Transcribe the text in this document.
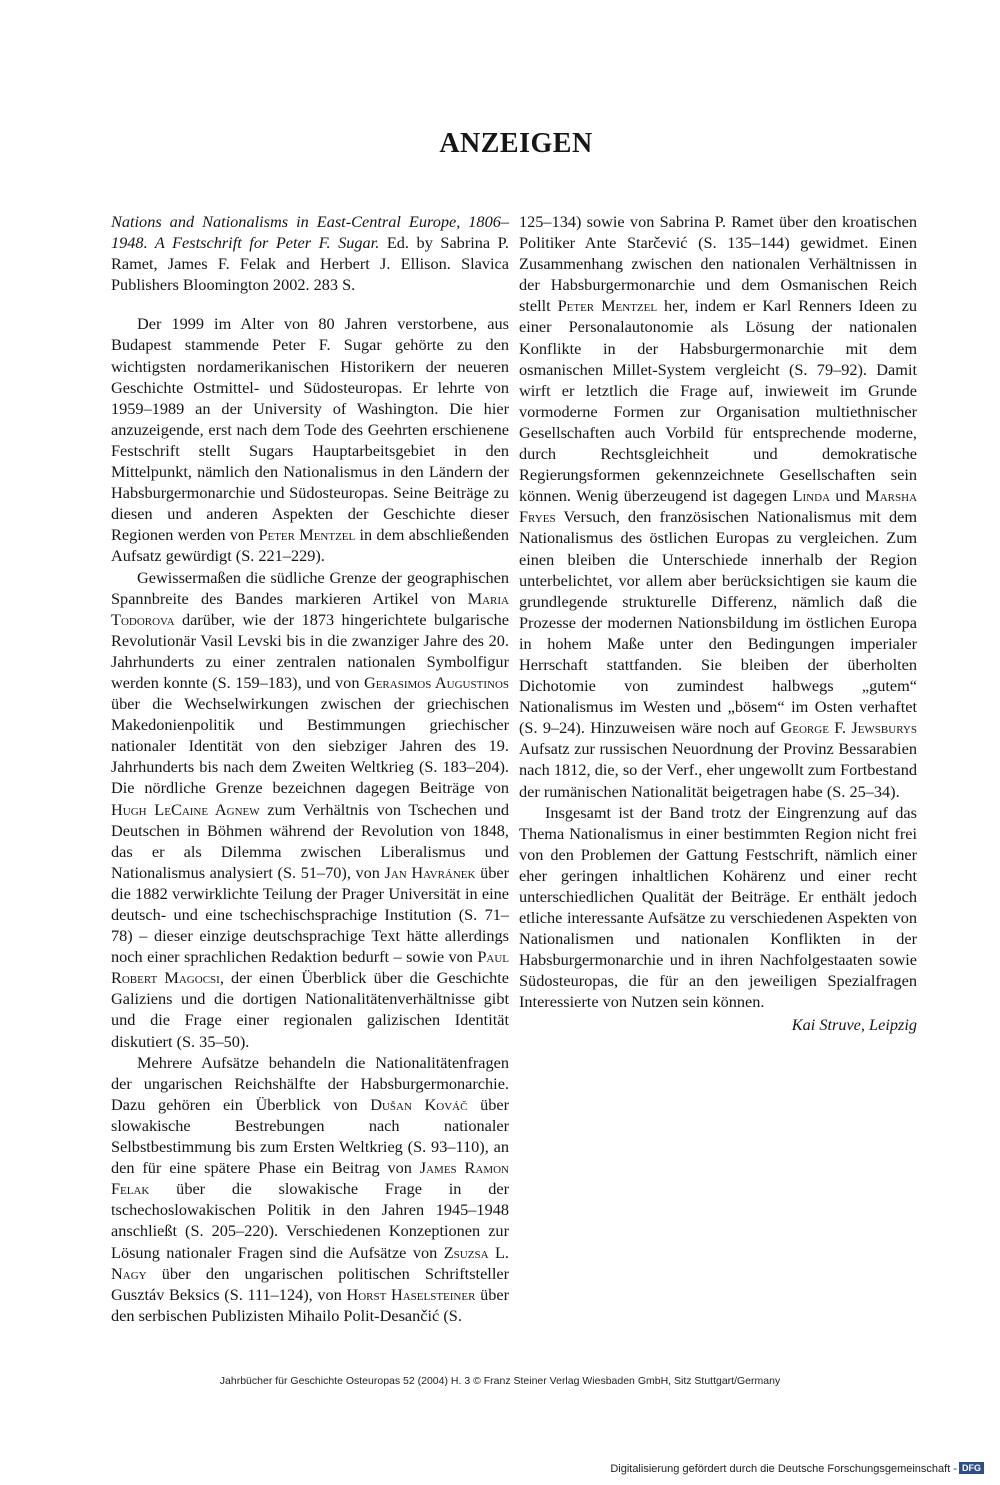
ANZEIGEN

Nations and Nationalisms in East-Central Europe, 1806–1948. A Festschrift for Peter F. Sugar. Ed. by Sabrina P. Ramet, James F. Felak and Herbert J. Ellison. Slavica Publishers Bloomington 2002. 283 S.

Der 1999 im Alter von 80 Jahren verstorbene, aus Budapest stammende Peter F. Sugar gehörte zu den wichtigsten nordamerikanischen Historikern der neueren Geschichte Ostmittel- und Südosteuropas. Er lehrte von 1959–1989 an der University of Washington. Die hier anzuzeigende, erst nach dem Tode des Geehrten erschienene Festschrift stellt Sugars Hauptarbeitsgebiet in den Mittelpunkt, nämlich den Nationalismus in den Ländern der Habsburgermonarchie und Südosteuropas. Seine Beiträge zu diesen und anderen Aspekten der Geschichte dieser Regionen werden von Peter Mentzel in dem abschließenden Aufsatz gewürdigt (S. 221–229).

Gewissermaßen die südliche Grenze der geographischen Spannbreite des Bandes markieren Artikel von Maria Todorova darüber, wie der 1873 hingerichtete bulgarische Revolutionär Vasil Levski bis in die zwanziger Jahre des 20. Jahrhunderts zu einer zentralen nationalen Symbolfigur werden konnte (S. 159–183), und von Gerasimos Augustinos über die Wechselwirkungen zwischen der griechischen Makedonienpolitik und Bestimmungen griechischer nationaler Identität von den siebziger Jahren des 19. Jahrhunderts bis nach dem Zweiten Weltkrieg (S. 183–204). Die nördliche Grenze bezeichnen dagegen Beiträge von Hugh LeCaine Agnew zum Verhältnis von Tschechen und Deutschen in Böhmen während der Revolution von 1848, das er als Dilemma zwischen Liberalismus und Nationalismus analysiert (S. 51–70), von Jan Havránek über die 1882 verwirklichte Teilung der Prager Universität in eine deutsch- und eine tschechischsprachige Institution (S. 71–78) – dieser einzige deutschsprachige Text hätte allerdings noch einer sprachlichen Redaktion bedurft – sowie von Paul Robert Magocsi, der einen Überblick über die Geschichte Galiziens und die dortigen Nationalitätenverhältnisse gibt und die Frage einer regionalen galizischen Identität diskutiert (S. 35–50).

Mehrere Aufsätze behandeln die Nationalitätenfragen der ungarischen Reichshälfte der Habsburgermonarchie. Dazu gehören ein Überblick von Dušan Kováč über slowakische Bestrebungen nach nationaler Selbstbestimmung bis zum Ersten Weltkrieg (S. 93–110), an den für eine spätere Phase ein Beitrag von James Ramon Felak über die slowakische Frage in der tschechoslowakischen Politik in den Jahren 1945–1948 anschließt (S. 205–220). Verschiedenen Konzeptionen zur Lösung nationaler Fragen sind die Aufsätze von Zsuzsa L. Nagy über den ungarischen politischen Schriftsteller Gusztáv Beksics (S. 111–124), von Horst Haselsteiner über den serbischen Publizisten Mihailo Polit-Desančić (S.

125–134) sowie von Sabrina P. Ramet über den kroatischen Politiker Ante Starčević (S. 135–144) gewidmet. Einen Zusammenhang zwischen den nationalen Verhältnissen in der Habsburgermonarchie und dem Osmanischen Reich stellt Peter Mentzel her, indem er Karl Renners Ideen zu einer Personalautonomie als Lösung der nationalen Konflikte in der Habsburgermonarchie mit dem osmanischen Millet-System vergleicht (S. 79–92). Damit wirft er letztlich die Frage auf, inwieweit im Grunde vormoderne Formen zur Organisation multiethnischer Gesellschaften auch Vorbild für entsprechende moderne, durch Rechtsgleichheit und demokratische Regierungsformen gekennzeichnete Gesellschaften sein können. Wenig überzeugend ist dagegen Linda und Marsha Fryes Versuch, den französischen Nationalismus mit dem Nationalismus des östlichen Europas zu vergleichen. Zum einen bleiben die Unterschiede innerhalb der Region unterbelichtet, vor allem aber berücksichtigen sie kaum die grundlegende strukturelle Differenz, nämlich daß die Prozesse der modernen Nationsbildung im östlichen Europa in hohem Maße unter den Bedingungen imperialer Herrschaft stattfanden. Sie bleiben der überholten Dichotomie von zumindest halbwegs „gutem“ Nationalismus im Westen und „bösem“ im Osten verhaftet (S. 9–24). Hinzuweisen wäre noch auf George F. Jewsburys Aufsatz zur russischen Neuordnung der Provinz Bessarabien nach 1812, die, so der Verf., eher ungewollt zum Fortbestand der rumänischen Nationalität beigetragen habe (S. 25–34).

Insgesamt ist der Band trotz der Eingrenzung auf das Thema Nationalismus in einer bestimmten Region nicht frei von den Problemen der Gattung Festschrift, nämlich einer eher geringen inhaltlichen Kohärenz und einer recht unterschiedlichen Qualität der Beiträge. Er enthält jedoch etliche interessante Aufsätze zu verschiedenen Aspekten von Nationalismen und nationalen Konflikten in der Habsburgermonarchie und in ihren Nachfolgestaaten sowie Südosteuropas, die für an den jeweiligen Spezialfragen Interessierte von Nutzen sein können.

Kai Struve, Leipzig

Jahrbücher für Geschichte Osteuropas 52 (2004) H. 3 © Franz Steiner Verlag Wiesbaden GmbH, Sitz Stuttgart/Germany
Digitalisierung gefördert durch die Deutsche Forschungsgemeinschaft - DFG
